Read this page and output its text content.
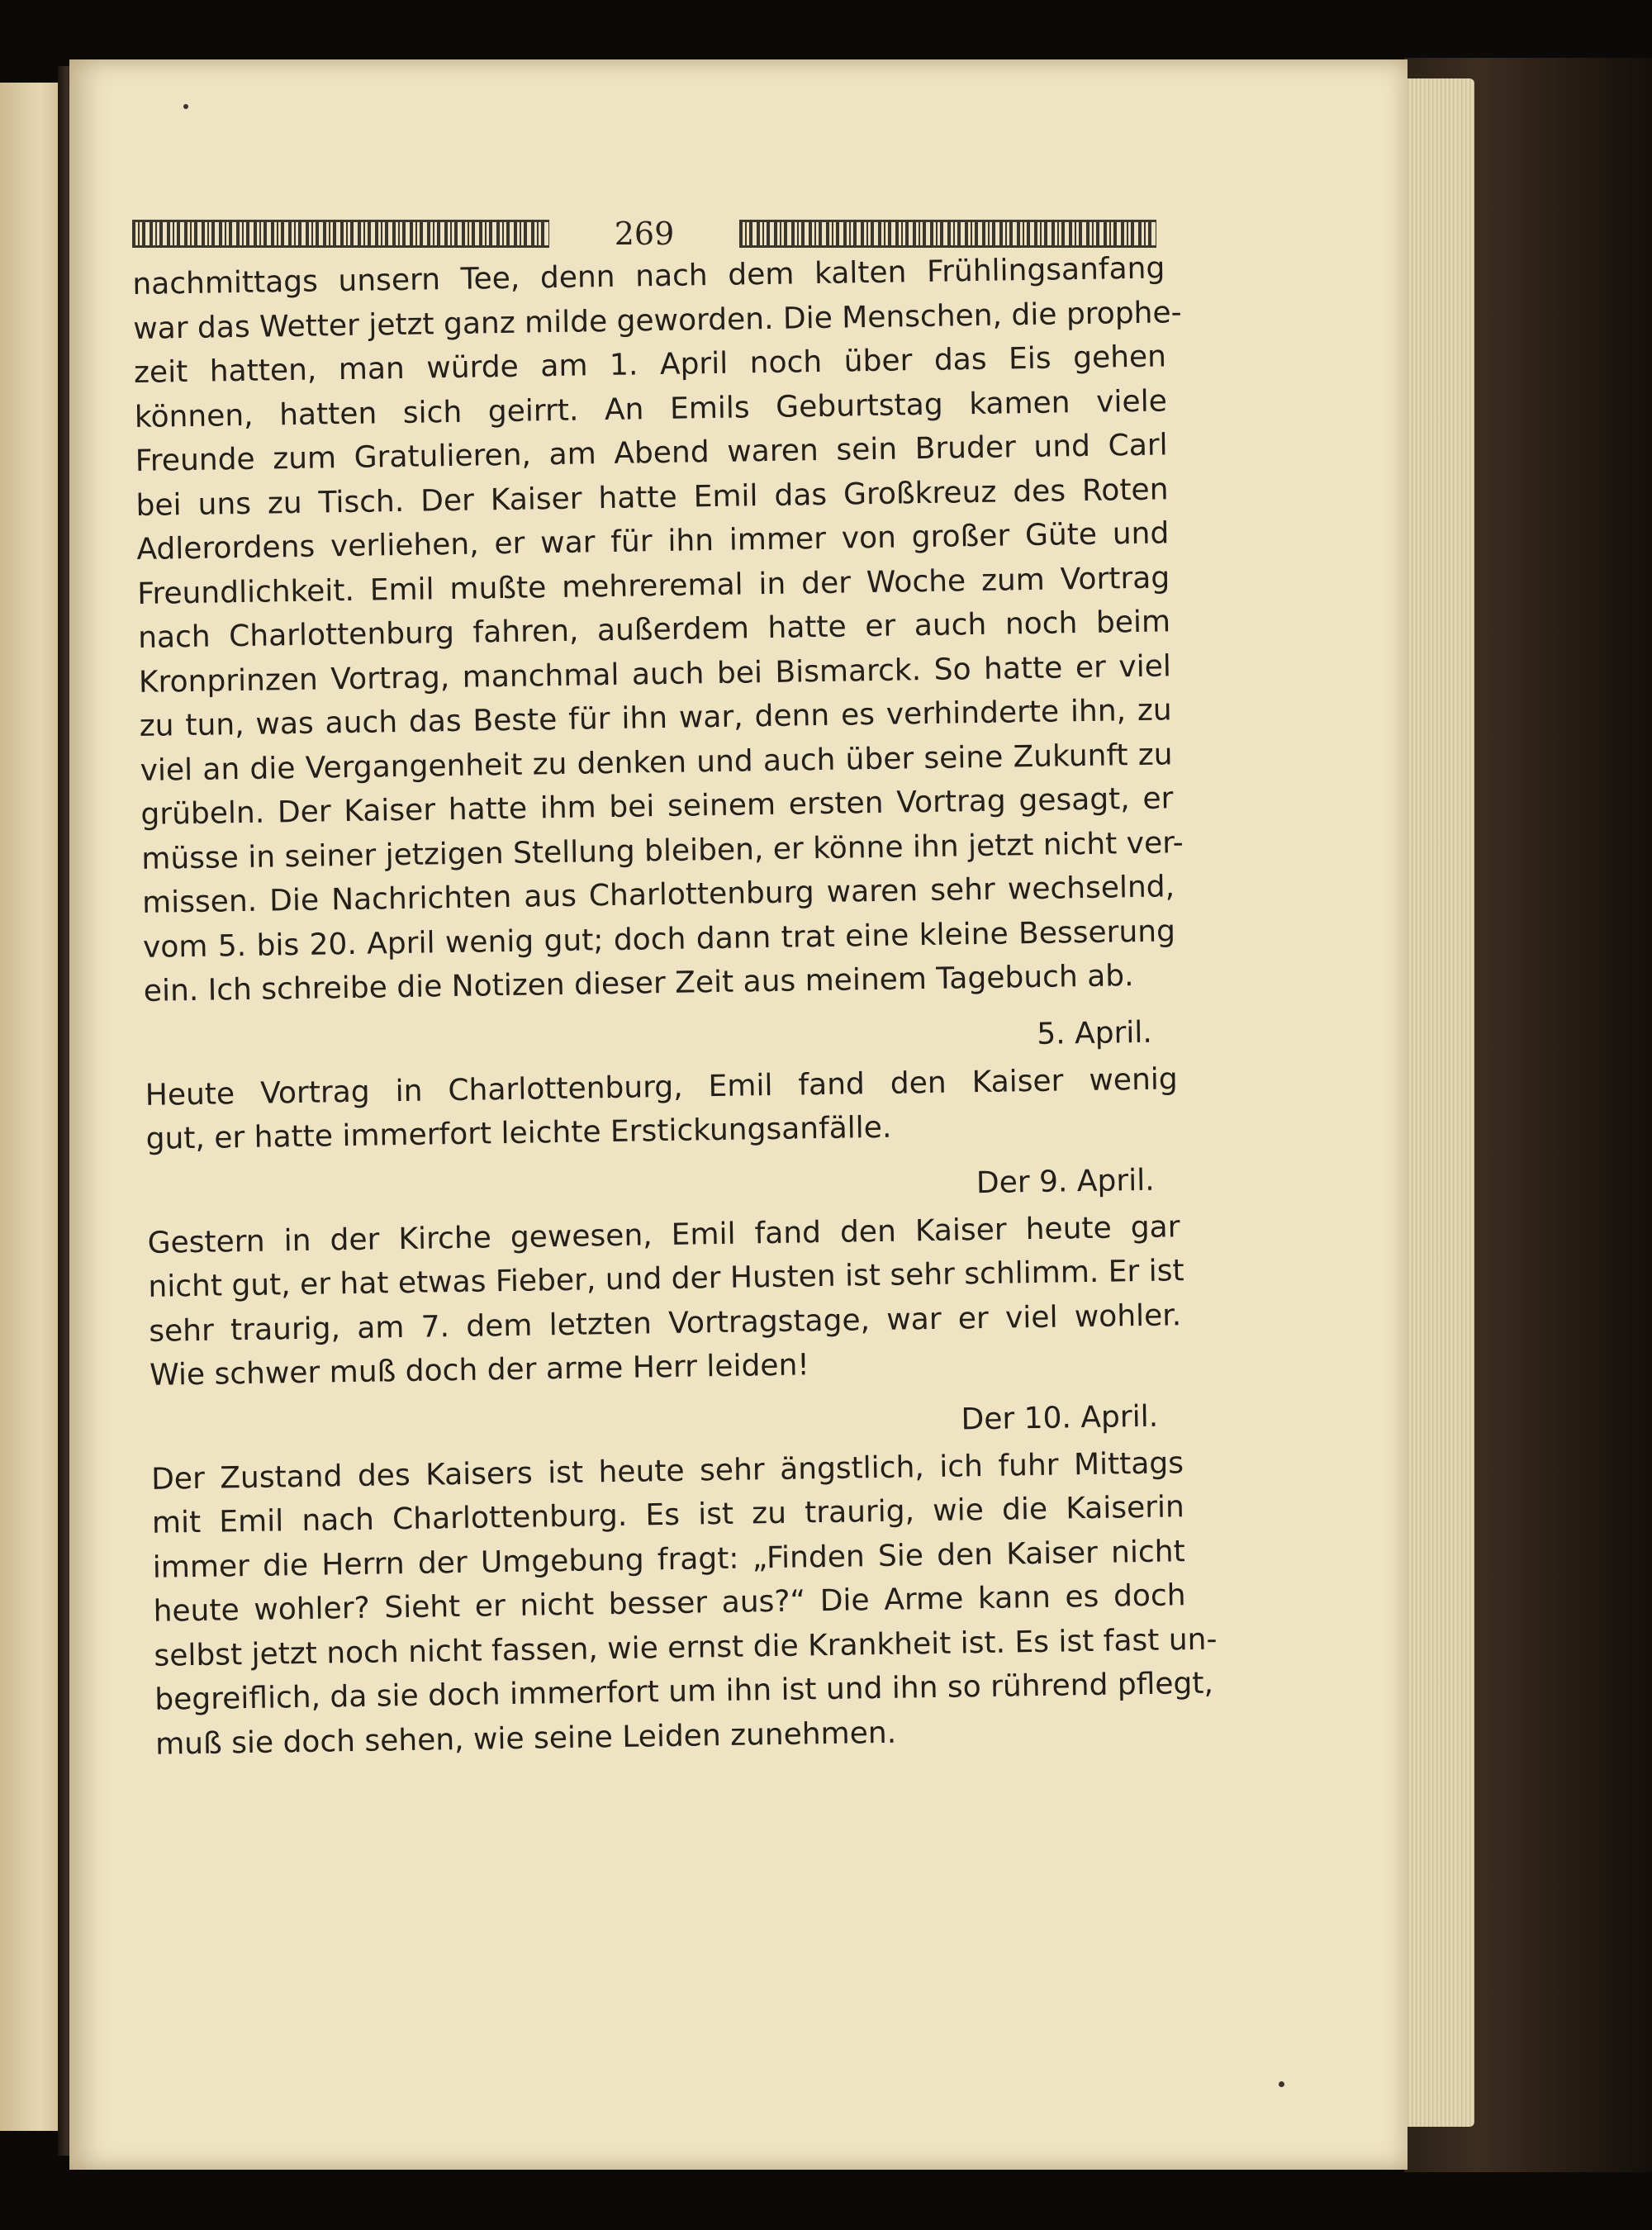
269
nachmittags unsern Tee, denn nach dem kalten Frühlingsanfang
war das Wetter jetzt ganz milde geworden. Die Menschen, die prophe-
zeit hatten, man würde am 1. April noch über das Eis gehen
können, hatten sich geirrt. An Emils Geburtstag kamen viele
Freunde zum Gratulieren, am Abend waren sein Bruder und Carl
bei uns zu Tisch. Der Kaiser hatte Emil das Großkreuz des Roten
Adlerordens verliehen, er war für ihn immer von großer Güte und
Freundlichkeit. Emil mußte mehreremal in der Woche zum Vortrag
nach Charlottenburg fahren, außerdem hatte er auch noch beim
Kronprinzen Vortrag, manchmal auch bei Bismarck. So hatte er viel
zu tun, was auch das Beste für ihn war, denn es verhinderte ihn, zu
viel an die Vergangenheit zu denken und auch über seine Zukunft zu
grübeln. Der Kaiser hatte ihm bei seinem ersten Vortrag gesagt, er
müsse in seiner jetzigen Stellung bleiben, er könne ihn jetzt nicht ver-
missen. Die Nachrichten aus Charlottenburg waren sehr wechselnd,
vom 5. bis 20. April wenig gut; doch dann trat eine kleine Besserung
ein. Ich schreibe die Notizen dieser Zeit aus meinem Tagebuch ab.
5. April.
Heute Vortrag in Charlottenburg, Emil fand den Kaiser wenig
gut, er hatte immerfort leichte Erstickungsanfälle.
Der 9. April.
Gestern in der Kirche gewesen, Emil fand den Kaiser heute gar
nicht gut, er hat etwas Fieber, und der Husten ist sehr schlimm. Er ist
sehr traurig, am 7. dem letzten Vortragstage, war er viel wohler.
Wie schwer muß doch der arme Herr leiden!
Der 10. April.
Der Zustand des Kaisers ist heute sehr ängstlich, ich fuhr Mittags
mit Emil nach Charlottenburg. Es ist zu traurig, wie die Kaiserin
immer die Herrn der Umgebung fragt: „Finden Sie den Kaiser nicht
heute wohler? Sieht er nicht besser aus?“ Die Arme kann es doch
selbst jetzt noch nicht fassen, wie ernst die Krankheit ist. Es ist fast un-
begreiflich, da sie doch immerfort um ihn ist und ihn so rührend pflegt,
muß sie doch sehen, wie seine Leiden zunehmen.
